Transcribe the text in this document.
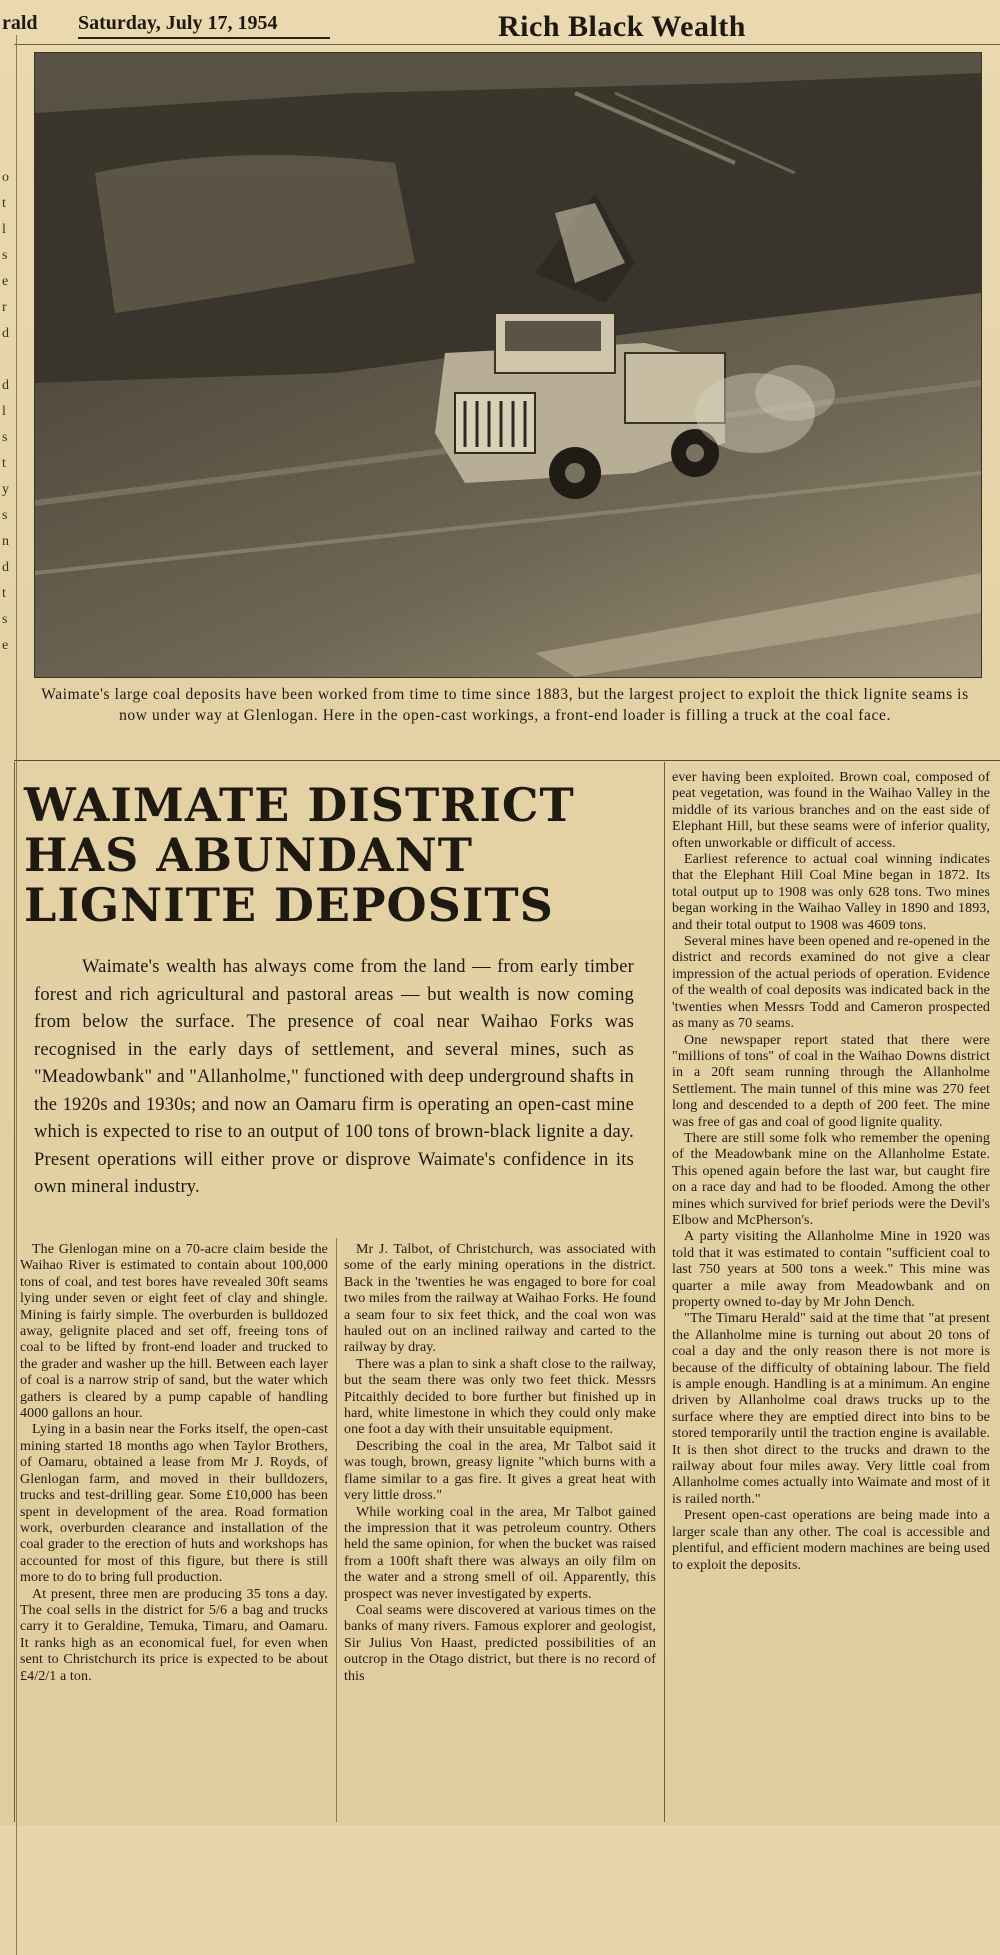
rald Saturday, July 17, 1954	Rich Black Wealth
o
t
l
s
e
r
d

d
l
s
t
y
s
n
d
t
s
e
Waimate's large coal deposits have been worked from time to time since 1883, but the largest project to exploit the thick lignite seams is now under way at Glenlogan. Here in the open-cast workings, a front-end loader is filling a truck at the coal face.
WAIMATE DISTRICT
HAS ABUNDANT
LIGNITE DEPOSITS

Waimate's wealth has always come from the land — from early timber forest and rich agricultural and pastoral areas — but wealth is now coming from below the surface. The presence of coal near Waihao Forks was recognised in the early days of settlement, and several mines, such as "Meadowbank" and "Allanholme," functioned with deep underground shafts in the 1920s and 1930s; and now an Oamaru firm is operating an open-cast mine which is expected to rise to an output of 100 tons of brown-black lignite a day. Present operations will either prove or disprove Waimate's confidence in its own mineral industry.

The Glenlogan mine on a 70-acre claim beside the Waihao River is estimated to contain about 100,000 tons of coal, and test bores have revealed 30ft seams lying under seven or eight feet of clay and shingle. Mining is fairly simple. The overburden is bulldozed away, gelignite placed and set off, freeing tons of coal to be lifted by front-end loader and trucked to the grader and washer up the hill. Between each layer of coal is a narrow strip of sand, but the water which gathers is cleared by a pump capable of handling 4000 gallons an hour.

Lying in a basin near the Forks itself, the open-cast mining started 18 months ago when Taylor Brothers, of Oamaru, obtained a lease from Mr J. Royds, of Glenlogan farm, and moved in their bulldozers, trucks and test-drilling gear. Some £10,000 has been spent in development of the area. Road formation work, overburden clearance and installation of the coal grader to the erection of huts and workshops has accounted for most of this figure, but there is still more to do to bring full production.

At present, three men are producing 35 tons a day. The coal sells in the district for 5/6 a bag and trucks carry it to Geraldine, Temuka, Timaru, and Oamaru. It ranks high as an economical fuel, for even when sent to Christchurch its price is expected to be about £4/2/1 a ton.

Mr J. Talbot, of Christchurch, was associated with some of the early mining operations in the district. Back in the 'twenties he was engaged to bore for coal two miles from the railway at Waihao Forks. He found a seam four to six feet thick, and the coal won was hauled out on an inclined railway and carted to the railway by dray.

There was a plan to sink a shaft close to the railway, but the seam there was only two feet thick. Messrs Pitcaithly decided to bore further but finished up in hard, white limestone in which they could only make one foot a day with their unsuitable equipment.

Describing the coal in the area, Mr Talbot said it was tough, brown, greasy lignite "which burns with a flame similar to a gas fire. It gives a great heat with very little dross."

While working coal in the area, Mr Talbot gained the impression that it was petroleum country. Others held the same opinion, for when the bucket was raised from a 100ft shaft there was always an oily film on the water and a strong smell of oil. Apparently, this prospect was never investigated by experts.

Coal seams were discovered at various times on the banks of many rivers. Famous explorer and geologist, Sir Julius Von Haast, predicted possibilities of an outcrop in the Otago district, but there is no record of this

ever having been exploited. Brown coal, composed of peat vegetation, was found in the Waihao Valley in the middle of its various branches and on the east side of Elephant Hill, but these seams were of inferior quality, often unworkable or difficult of access.

Earliest reference to actual coal winning indicates that the Elephant Hill Coal Mine began in 1872. Its total output up to 1908 was only 628 tons. Two mines began working in the Waihao Valley in 1890 and 1893, and their total output to 1908 was 4609 tons.

Several mines have been opened and re-opened in the district and records examined do not give a clear impression of the actual periods of operation. Evidence of the wealth of coal deposits was indicated back in the 'twenties when Messrs Todd and Cameron prospected as many as 70 seams.

One newspaper report stated that there were "millions of tons" of coal in the Waihao Downs district in a 20ft seam running through the Allanholme Settlement. The main tunnel of this mine was 270 feet long and descended to a depth of 200 feet. The mine was free of gas and coal of good lignite quality.

There are still some folk who remember the opening of the Meadowbank mine on the Allanholme Estate. This opened again before the last war, but caught fire on a race day and had to be flooded. Among the other mines which survived for brief periods were the Devil's Elbow and McPherson's.

A party visiting the Allanholme Mine in 1920 was told that it was estimated to contain "sufficient coal to last 750 years at 500 tons a week." This mine was quarter a mile away from Meadowbank and on property owned to-day by Mr John Dench.

"The Timaru Herald" said at the time that "at present the Allanholme mine is turning out about 20 tons of coal a day and the only reason there is not more is because of the difficulty of obtaining labour. The field is ample enough. Handling is at a minimum. An engine driven by Allanholme coal draws trucks up to the surface where they are emptied direct into bins to be stored temporarily until the traction engine is available. It is then shot direct to the trucks and drawn to the railway about four miles away. Very little coal from Allanholme comes actually into Waimate and most of it is railed north."

Present open-cast operations are being made into a larger scale than any other. The coal is accessible and plentiful, and efficient modern machines are being used to exploit the deposits.
